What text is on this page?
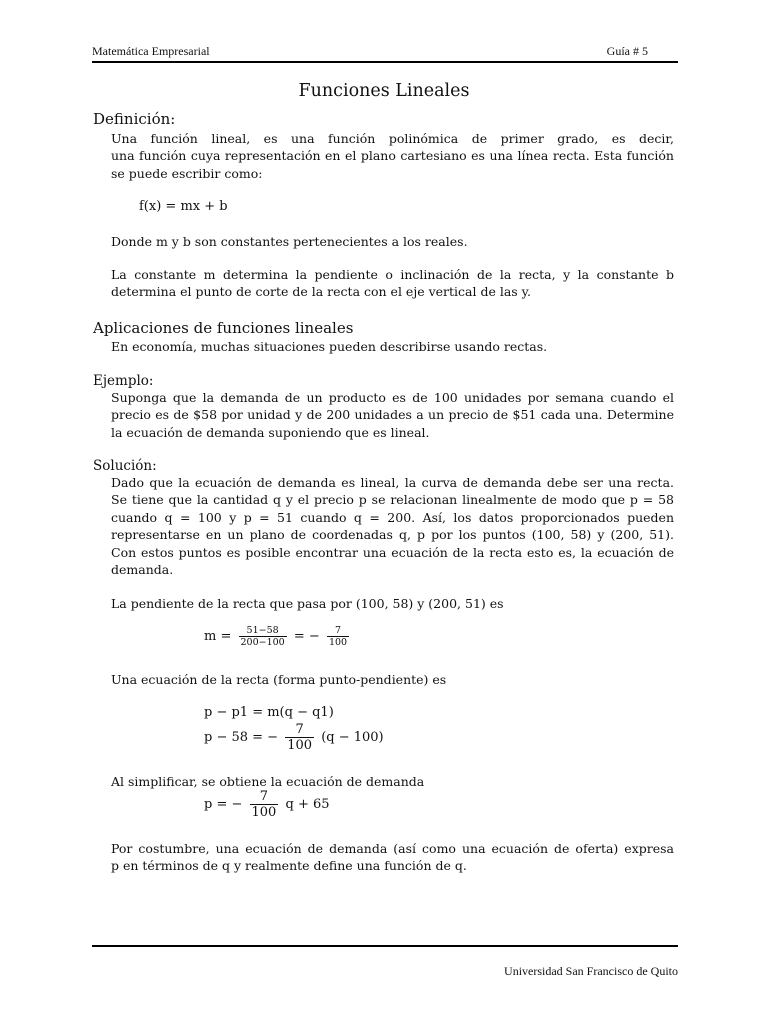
Matemática Empresarial	Guía # 5
Funciones Lineales
Definición:
Una función lineal, es una función polinómica de primer grado, es decir,
una función cuya representación en el plano cartesiano es una línea recta. Esta función
se puede escribir como:
f(x) = mx + b
Donde m y b son constantes pertenecientes a los reales.
La constante m determina la pendiente o inclinación de la recta, y la constante b
determina el punto de corte de la recta con el eje vertical de las y.
Aplicaciones de funciones lineales
En economía, muchas situaciones pueden describirse usando rectas.
Ejemplo:
Suponga que la demanda de un producto es de 100 unidades por semana cuando el
precio es de $58 por unidad y de 200 unidades a un precio de $51 cada una. Determine
la ecuación de demanda suponiendo que es lineal.
Solución:
Dado que la ecuación de demanda es lineal, la curva de demanda debe ser una recta.
Se tiene que la cantidad q y el precio p se relacionan linealmente de modo que p = 58
cuando q = 100 y p = 51 cuando q = 200. Así, los datos proporcionados pueden
representarse en un plano de coordenadas q, p por los puntos (100, 58) y (200, 51).
Con estos puntos es posible encontrar una ecuación de la recta esto es, la ecuación de
demanda.
La pendiente de la recta que pasa por (100, 58) y (200, 51) es
$m = \frac{51-58}{200-100}$ = − $\frac{7}{100}$
Una ecuación de la recta (forma punto-pendiente) es
p − p1 = m(q − q1)
p − 58 = − $\frac{7}{100} (q - 100)$
Al simplificar, se obtiene la ecuación de demanda
p = − $\frac{7}{100}$ q + 65
Por costumbre, una ecuación de demanda (así como una ecuación de oferta) expresa
p en términos de q y realmente define una función de q.
Universidad San Francisco de Quito
